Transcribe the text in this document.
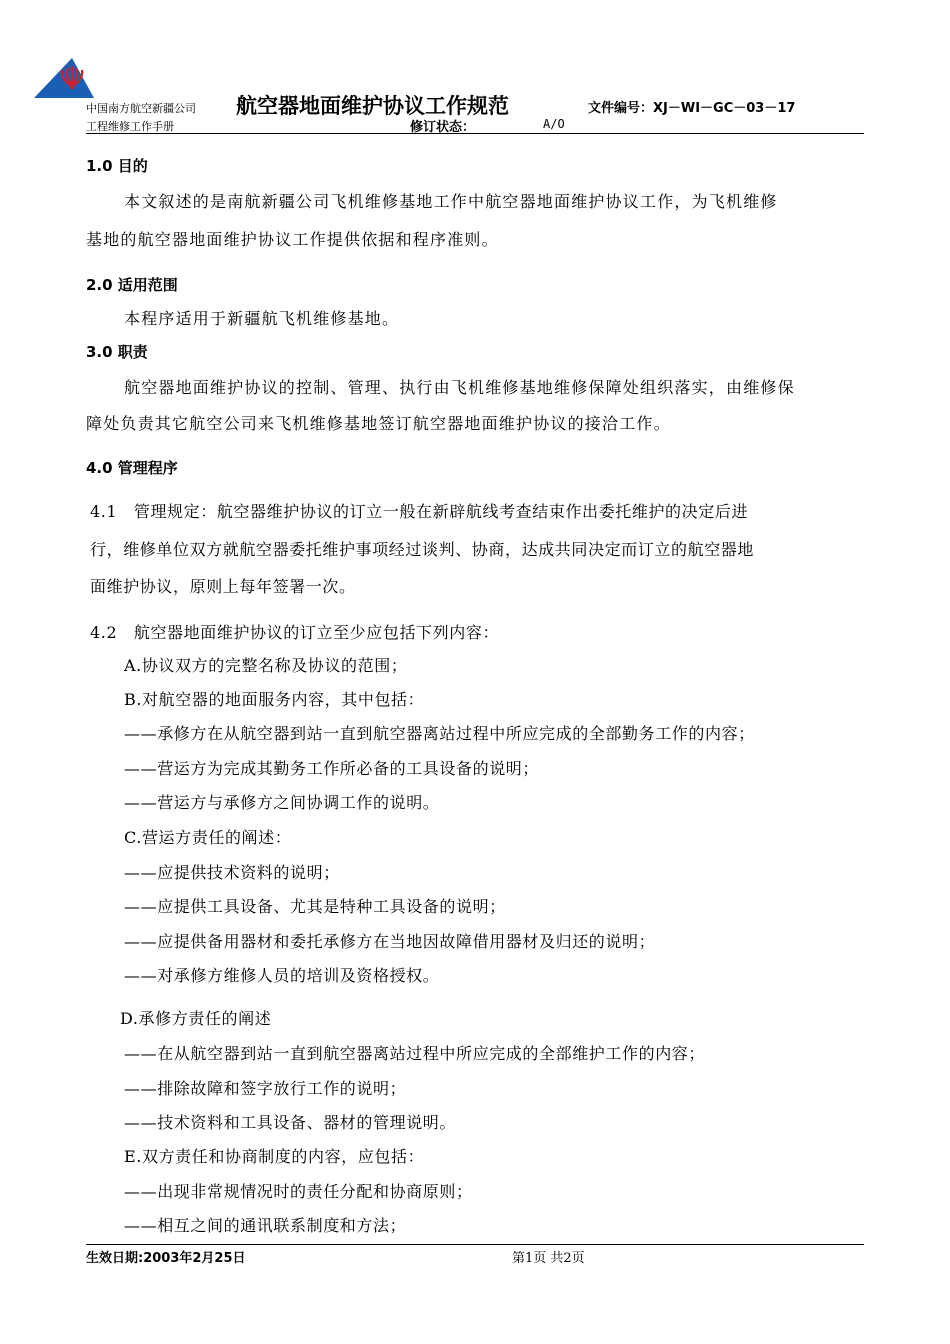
中国南方航空新疆公司
工程维修工作手册
航空器地面维护协议工作规范	文件编号：XJ－WI－GC－03－17
修订状态：	A/O
1.0 目的
本文叙述的是南航新疆公司飞机维修基地工作中航空器地面维护协议工作，为飞机维修
基地的航空器地面维护协议工作提供依据和程序准则。
2.0 适用范围
本程序适用于新疆航飞机维修基地。
3.0 职责
航空器地面维护协议的控制、管理、执行由飞机维修基地维修保障处组织落实，由维修保
障处负责其它航空公司来飞机维修基地签订航空器地面维护协议的接洽工作。
4.0 管理程序
4.1　管理规定：航空器维护协议的订立一般在新辟航线考查结束作出委托维护的决定后进
行，维修单位双方就航空器委托维护事项经过谈判、协商，达成共同决定而订立的航空器地
面维护协议，原则上每年签署一次。
4.2　航空器地面维护协议的订立至少应包括下列内容：
A.协议双方的完整名称及协议的范围；
B.对航空器的地面服务内容，其中包括：
——承修方在从航空器到站一直到航空器离站过程中所应完成的全部勤务工作的内容；
——营运方为完成其勤务工作所必备的工具设备的说明；
——营运方与承修方之间协调工作的说明。
C.营运方责任的阐述：
——应提供技术资料的说明；
——应提供工具设备、尤其是特种工具设备的说明；
——应提供备用器材和委托承修方在当地因故障借用器材及归还的说明；
——对承修方维修人员的培训及资格授权。
D.承修方责任的阐述
——在从航空器到站一直到航空器离站过程中所应完成的全部维护工作的内容；
——排除故障和签字放行工作的说明；
——技术资料和工具设备、器材的管理说明。
E.双方责任和协商制度的内容，应包括：
——出现非常规情况时的责任分配和协商原则；
——相互之间的通讯联系制度和方法；
生效日期:2003年2月25日	第1页 共2页
